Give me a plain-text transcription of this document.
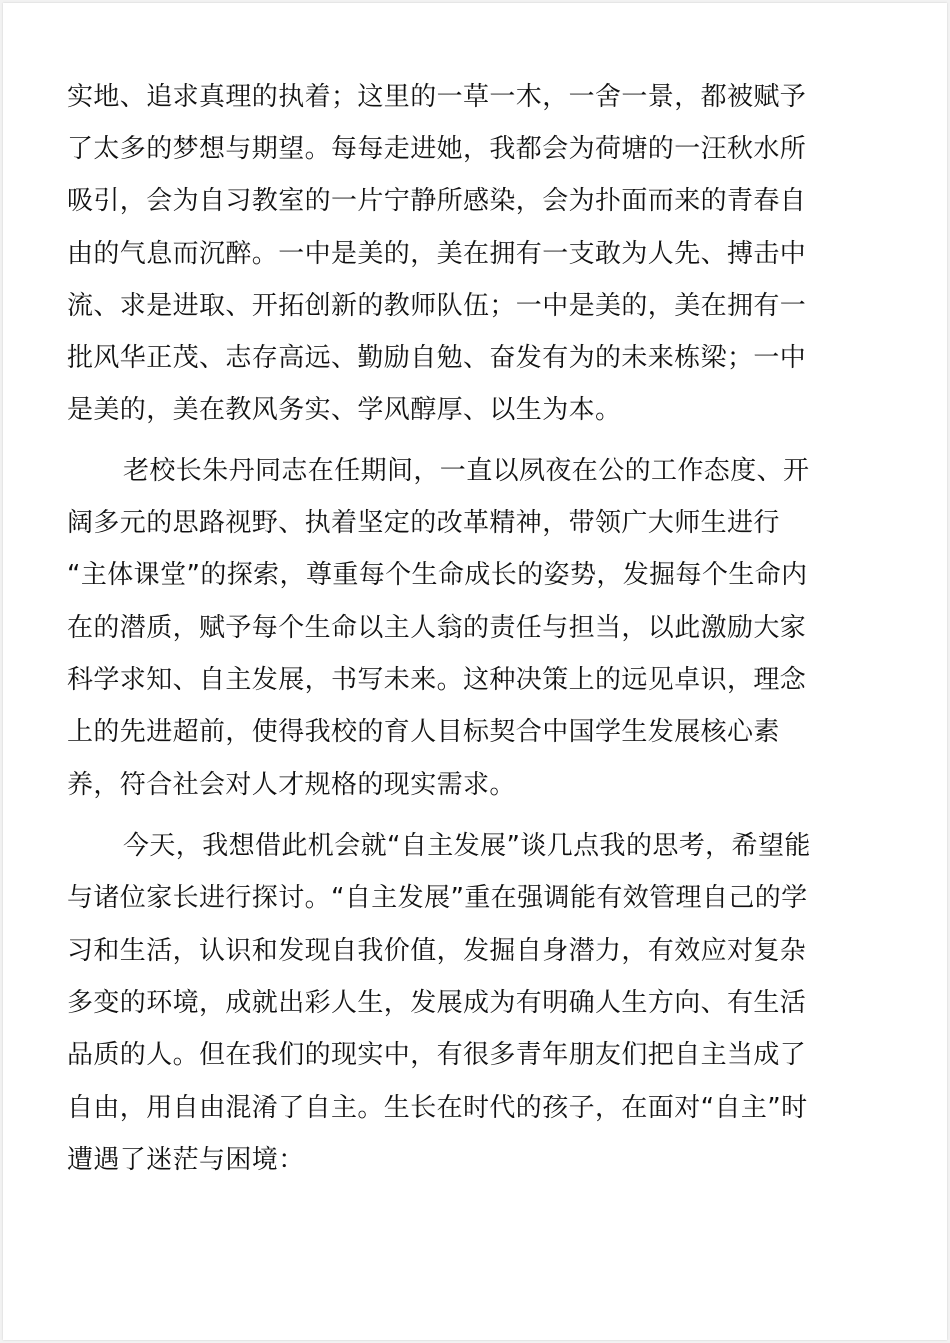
实地、追求真理的执着；这里的一草一木，一舍一景，都被赋予
了太多的梦想与期望。每每走进她，我都会为荷塘的一汪秋水所
吸引，会为自习教室的一片宁静所感染，会为扑面而来的青春自
由的气息而沉醉。一中是美的，美在拥有一支敢为人先、搏击中
流、求是进取、开拓创新的教师队伍；一中是美的，美在拥有一
批风华正茂、志存高远、勤励自勉、奋发有为的未来栋梁；一中
是美的，美在教风务实、学风醇厚、以生为本。
老校长朱丹同志在任期间，一直以夙夜在公的工作态度、开
阔多元的思路视野、执着坚定的改革精神，带领广大师生进行
“主体课堂”的探索，尊重每个生命成长的姿势，发掘每个生命内
在的潜质，赋予每个生命以主人翁的责任与担当，以此激励大家
科学求知、自主发展，书写未来。这种决策上的远见卓识，理念
上的先进超前，使得我校的育人目标契合中国学生发展核心素
养，符合社会对人才规格的现实需求。
今天，我想借此机会就“自主发展”谈几点我的思考，希望能
与诸位家长进行探讨。“自主发展”重在强调能有效管理自己的学
习和生活，认识和发现自我价值，发掘自身潜力，有效应对复杂
多变的环境，成就出彩人生，发展成为有明确人生方向、有生活
品质的人。但在我们的现实中，有很多青年朋友们把自主当成了
自由，用自由混淆了自主。生长在时代的孩子，在面对“自主”时
遭遇了迷茫与困境：
